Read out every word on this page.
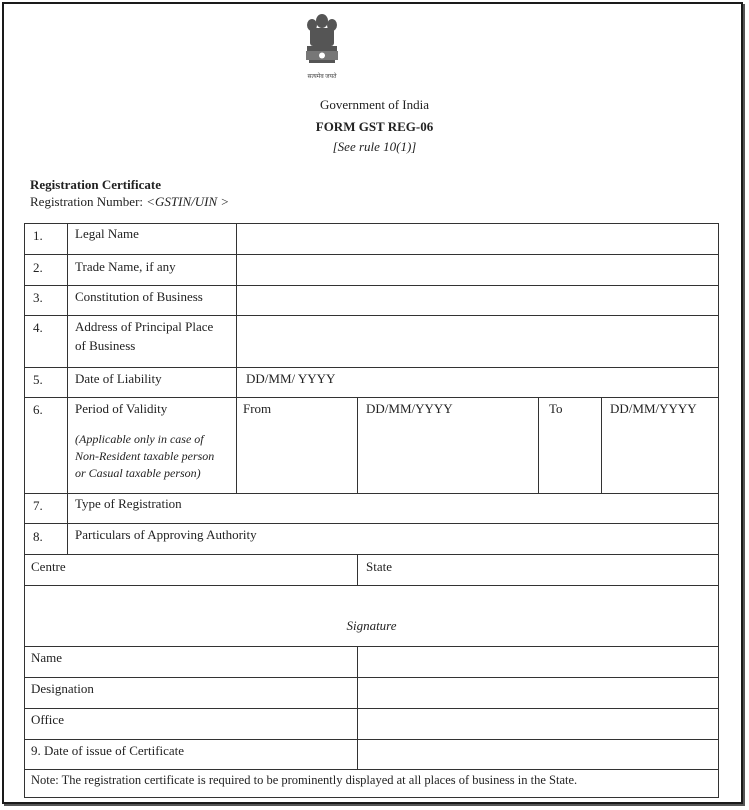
सत्यमेव जयते
Government of India
FORM GST REG-06
[See rule 10(1)]
Registration Certificate
Registration Number: <GSTIN/UIN >
1. Legal Name
2. Trade Name, if any
3. Constitution of Business
4. Address of Principal Place
of Business
5. Date of Liability	DD/MM/ YYYY
6. Period of Validity
(Applicable only in case of
Non-Resident taxable person
or Casual taxable person)
From	DD/MM/YYYY	To	DD/MM/YYYY
7. Type of Registration
8. Particulars of Approving Authority
Centre	State
Signature
Name
Designation
Office
9. Date of issue of Certificate
Note: The registration certificate is required to be prominently displayed at all places of business in the State.
